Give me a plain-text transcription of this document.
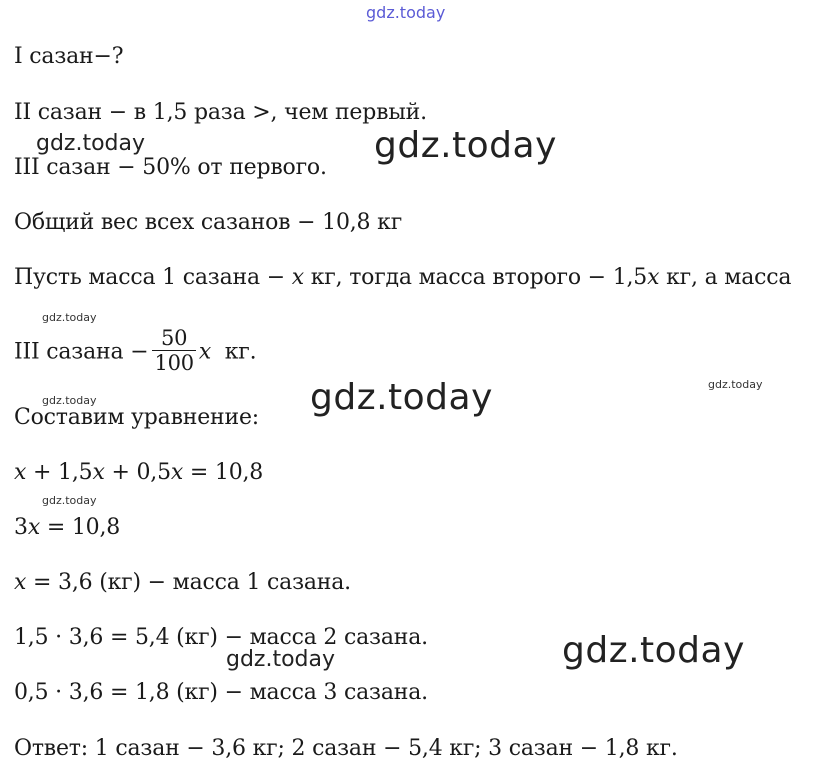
gdz.today
gdz.today	gdz.today
gdz.today
gdz.today	gdz.today
gdz.today
gdz.today
gdz.today
gdz.today
I сазан−?
II сазан − в 1,5 раза >, чем первый.
III сазан − 50% от первого.
Общий вес всех сазанов − 10,8 кг
Пусть масса 1 сазана − x кг, тогда масса второго − 1,5x кг, а масса
III сазана − $\frac{50}{100}$ x  кг.
Составим уравнение:
x + 1,5x + 0,5x = 10,8
3x = 10,8
x = 3,6 (кг) − масса 1 сазана.
1,5 · 3,6 = 5,4 (кг) − масса 2 сазана.
0,5 · 3,6 = 1,8 (кг) − масса 3 сазана.
Ответ: 1 сазан − 3,6 кг; 2 сазан − 5,4 кг; 3 сазан − 1,8 кг.
